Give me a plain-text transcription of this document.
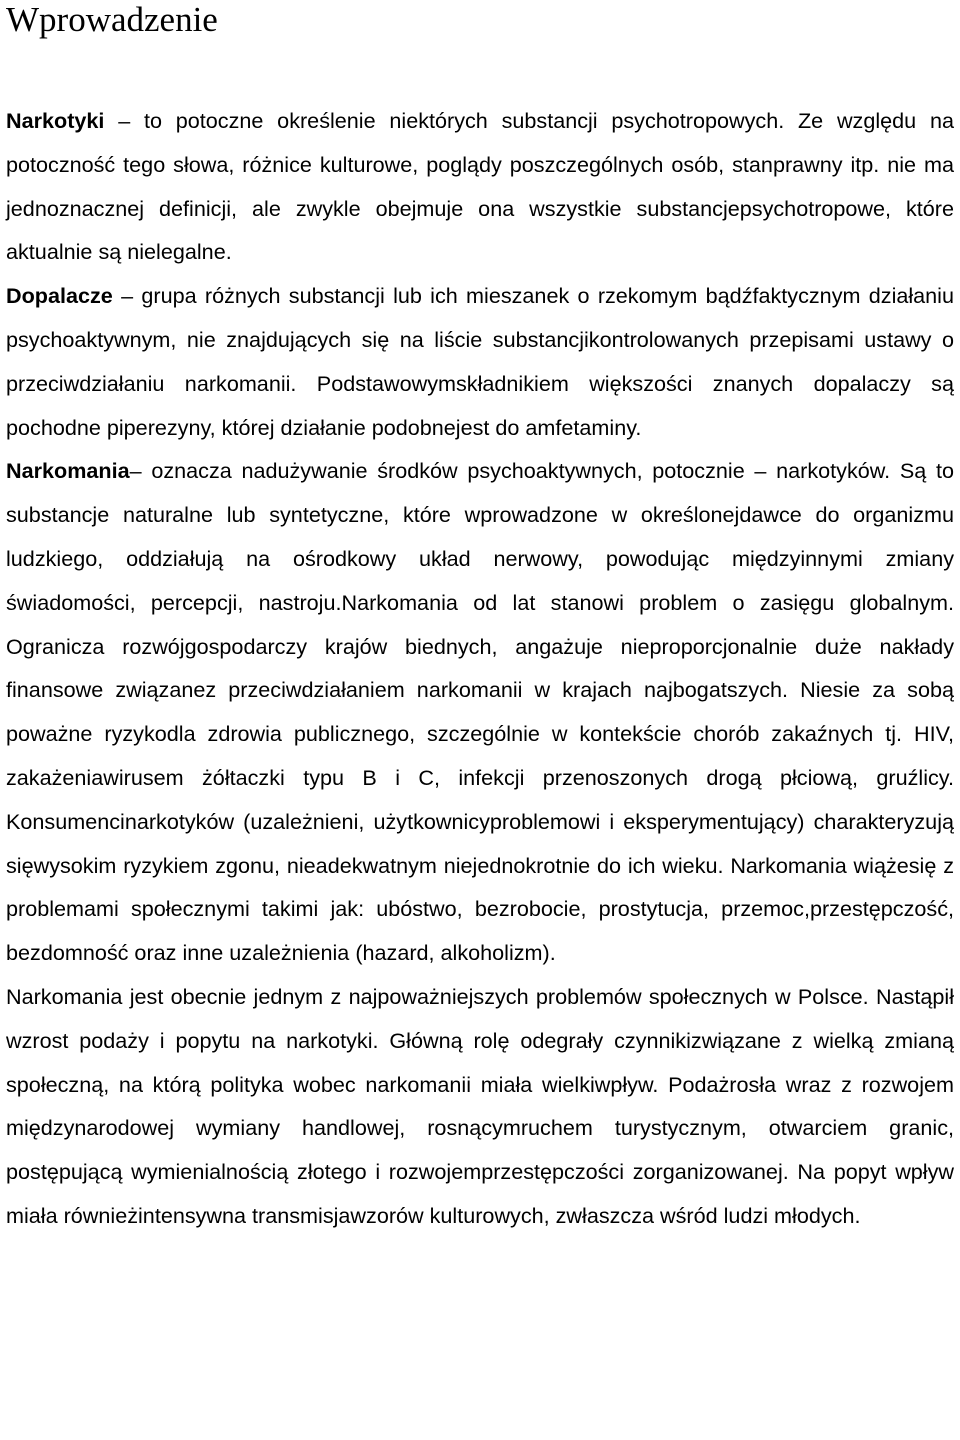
Wprowadzenie

Narkotyki – to potoczne określenie niektórych substancji psychotropowych. Ze względu na potoczność tego słowa, różnice kulturowe, poglądy poszczególnych osób, stanprawny itp. nie ma jednoznacznej definicji, ale zwykle obejmuje ona wszystkie substancjepsychotropowe, które aktualnie są nielegalne.

Dopalacze – grupa różnych substancji lub ich mieszanek o rzekomym bądźfaktycznym działaniu psychoaktywnym, nie znajdujących się na liście substancjikontrolowanych przepisami ustawy o przeciwdziałaniu narkomanii. Podstawowymskładnikiem większości znanych dopalaczy są pochodne piperezyny, której działanie podobnejest do amfetaminy.

Narkomania– oznacza nadużywanie środków psychoaktywnych, potocznie – narkotyków. Są to substancje naturalne lub syntetyczne, które wprowadzone w określonejdawce do organizmu ludzkiego, oddziałują na ośrodkowy układ nerwowy, powodując międzyinnymi zmiany świadomości, percepcji, nastroju.Narkomania od lat stanowi problem o zasięgu globalnym. Ogranicza rozwójgospodarczy krajów biednych, angażuje nieproporcjonalnie duże nakłady finansowe związanez przeciwdziałaniem narkomanii w krajach najbogatszych. Niesie za sobą poważne ryzykodla zdrowia publicznego, szczególnie w kontekście chorób zakaźnych tj. HIV, zakażeniawirusem żółtaczki typu B i C, infekcji przenoszonych drogą płciową, gruźlicy. Konsumencinarkotyków (uzależnieni, użytkownicyproblemowi i eksperymentujący) charakteryzują sięwysokim ryzykiem zgonu, nieadekwatnym niejednokrotnie do ich wieku. Narkomania wiążesię z problemami społecznymi takimi jak: ubóstwo, bezrobocie, prostytucja, przemoc,przestępczość, bezdomność oraz inne uzależnienia (hazard, alkoholizm).

Narkomania jest obecnie jednym z najpoważniejszych problemów społecznych w Polsce. Nastąpił wzrost podaży i popytu na narkotyki. Główną rolę odegrały czynnikizwiązane z wielką zmianą społeczną, na którą polityka wobec narkomanii miała wielkiwpływ. Podażrosła wraz z rozwojem międzynarodowej wymiany handlowej, rosnącymruchem turystycznym, otwarciem granic, postępującą wymienialnością złotego i rozwojemprzestępczości zorganizowanej. Na popyt wpływ miała równieżintensywna transmisjawzorów kulturowych, zwłaszcza wśród ludzi młodych.
